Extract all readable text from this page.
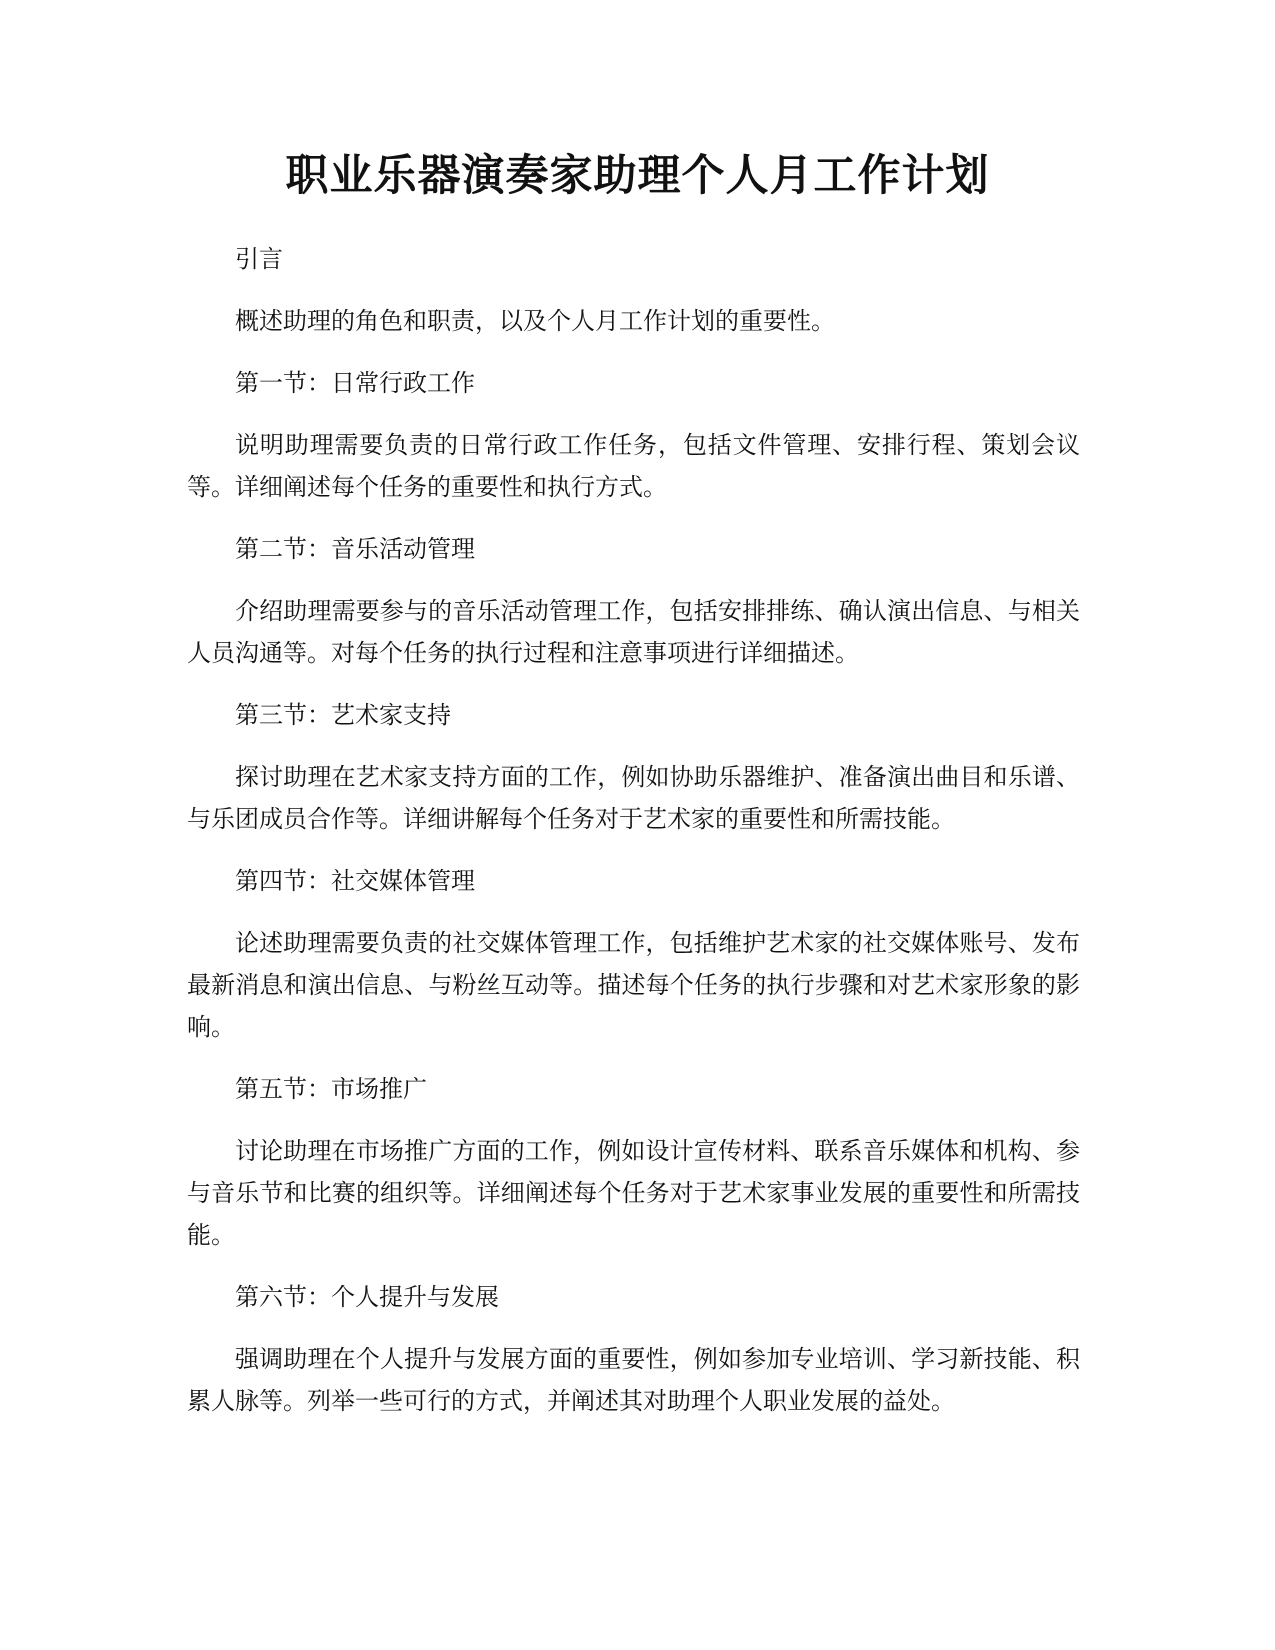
职业乐器演奏家助理个人月工作计划

引言

概述助理的角色和职责，以及个人月工作计划的重要性。

第一节：日常行政工作

说明助理需要负责的日常行政工作任务，包括文件管理、安排行程、策划会议等。详细阐述每个任务的重要性和执行方式。

第二节：音乐活动管理

介绍助理需要参与的音乐活动管理工作，包括安排排练、确认演出信息、与相关人员沟通等。对每个任务的执行过程和注意事项进行详细描述。

第三节：艺术家支持

探讨助理在艺术家支持方面的工作，例如协助乐器维护、准备演出曲目和乐谱、与乐团成员合作等。详细讲解每个任务对于艺术家的重要性和所需技能。

第四节：社交媒体管理

论述助理需要负责的社交媒体管理工作，包括维护艺术家的社交媒体账号、发布最新消息和演出信息、与粉丝互动等。描述每个任务的执行步骤和对艺术家形象的影响。

第五节：市场推广

讨论助理在市场推广方面的工作，例如设计宣传材料、联系音乐媒体和机构、参与音乐节和比赛的组织等。详细阐述每个任务对于艺术家事业发展的重要性和所需技能。

第六节：个人提升与发展

强调助理在个人提升与发展方面的重要性，例如参加专业培训、学习新技能、积累人脉等。列举一些可行的方式，并阐述其对助理个人职业发展的益处。
